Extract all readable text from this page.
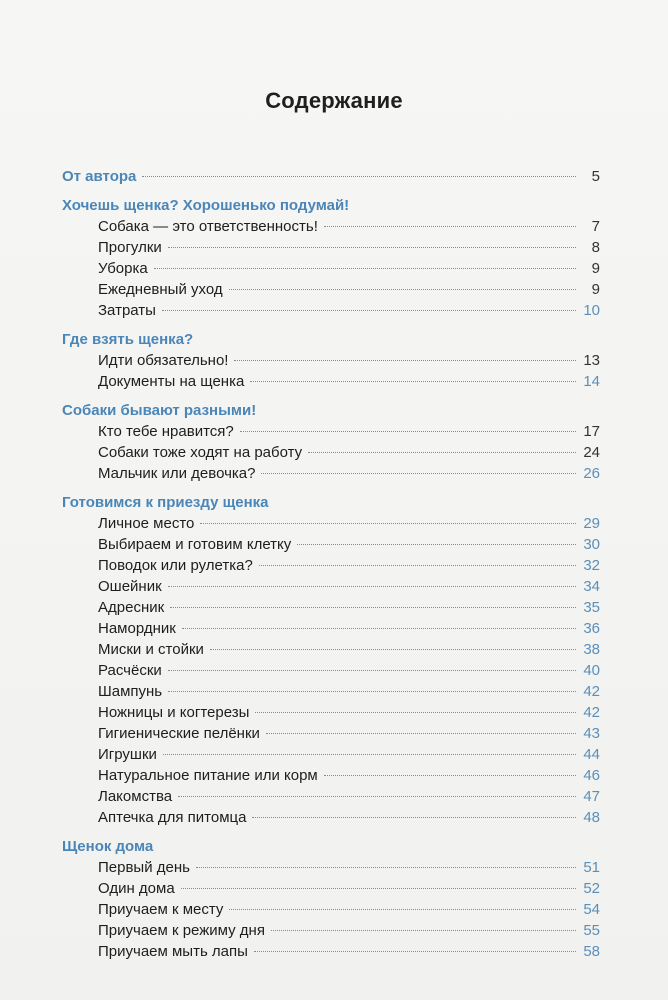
Содержание
От автора	5
Хочешь щенка? Хорошенько подумай!
Собака — это ответственность!	7
Прогулки	8
Уборка	9
Ежедневный уход	9
Затраты	10
Где взять щенка?
Идти обязательно!	13
Документы на щенка	14
Собаки бывают разными!
Кто тебе нравится?	17
Собаки тоже ходят на работу	24
Мальчик или девочка?	26
Готовимся к приезду щенка
Личное место	29
Выбираем и готовим клетку	30
Поводок или рулетка?	32
Ошейник	34
Адресник	35
Намордник	36
Миски и стойки	38
Расчёски	40
Шампунь	42
Ножницы и когтерезы	42
Гигиенические пелёнки	43
Игрушки	44
Натуральное питание или корм	46
Лакомства	47
Аптечка для питомца	48
Щенок дома
Первый день	51
Один дома	52
Приучаем к месту	54
Приучаем к режиму дня	55
Приучаем мыть лапы	58
